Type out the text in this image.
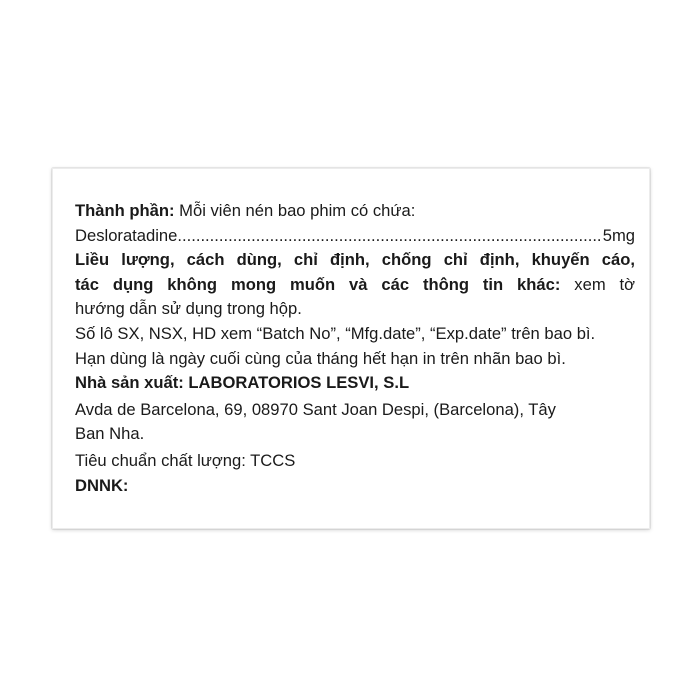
Thành phần: Mỗi viên nén bao phim có chứa:
Desloratadine
.....	5mg
Liều lượng, cách dùng, chỉ định, chống chỉ định, khuyến cáo,
tác dụng không mong muốn và các thông tin khác: xem tờ
hướng dẫn sử dụng trong hộp.
Số lô SX, NSX, HD xem “Batch No”, “Mfg.date”, “Exp.date” trên bao bì.
Hạn dùng là ngày cuối cùng của tháng hết hạn in trên nhãn bao bì.
Nhà sản xuất: LABORATORIOS LESVI, S.L
Avda de Barcelona, 69, 08970 Sant Joan Despi, (Barcelona), Tây
Ban Nha.
Tiêu chuẩn chất lượng: TCCS
DNNK:
